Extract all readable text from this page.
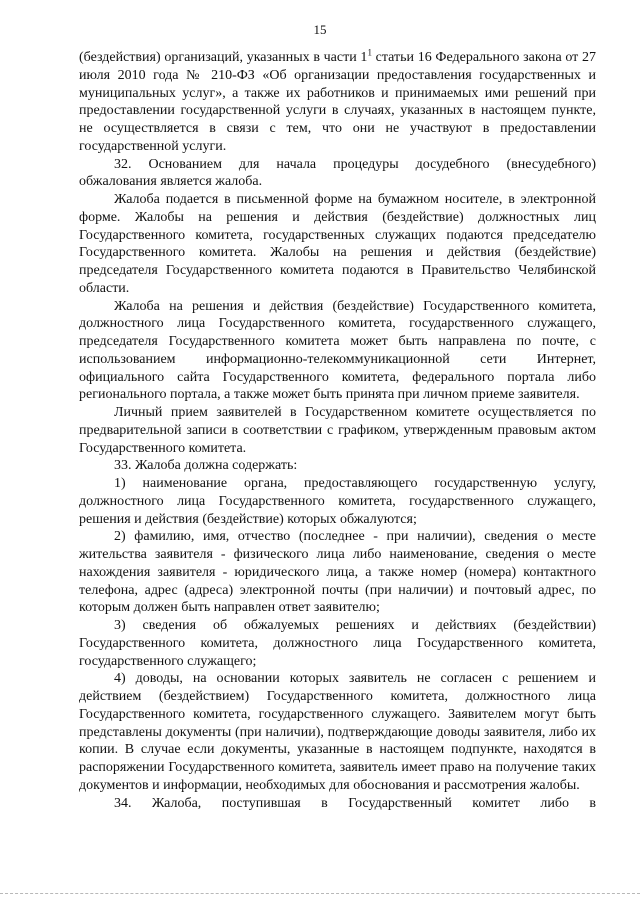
15

(бездействия) организаций, указанных в части $1^1$ статьи 16 Федерального закона от 27 июля 2010 года № 210-ФЗ «Об организации предоставления государственных и муниципальных услуг», а также их работников и принимаемых ими решений при предоставлении государственной услуги в случаях, указанных в настоящем пункте, не осуществляется в связи с тем, что они не участвуют в предоставлении государственной услуги.

32. Основанием для начала процедуры досудебного (внесудебного) обжалования является жалоба.

Жалоба подается в письменной форме на бумажном носителе, в электронной форме. Жалобы на решения и действия (бездействие) должностных лиц Государственного комитета, государственных служащих подаются председателю Государственного комитета. Жалобы на решения и действия (бездействие) председателя Государственного комитета подаются в Правительство Челябинской области.

Жалоба на решения и действия (бездействие) Государственного комитета, должностного лица Государственного комитета, государственного служащего, председателя Государственного комитета может быть направлена по почте, с использованием информационно-телекоммуникационной сети Интернет, официального сайта Государственного комитета, федерального портала либо регионального портала, а также может быть принята при личном приеме заявителя.

Личный прием заявителей в Государственном комитете осуществляется по предварительной записи в соответствии с графиком, утвержденным правовым актом Государственного комитета.

33. Жалоба должна содержать:

1) наименование органа, предоставляющего государственную услугу, должностного лица Государственного комитета, государственного служащего, решения и действия (бездействие) которых обжалуются;

2) фамилию, имя, отчество (последнее - при наличии), сведения о месте жительства заявителя - физического лица либо наименование, сведения о месте нахождения заявителя - юридического лица, а также номер (номера) контактного телефона, адрес (адреса) электронной почты (при наличии) и почтовый адрес, по которым должен быть направлен ответ заявителю;

3) сведения об обжалуемых решениях и действиях (бездействии) Государственного комитета, должностного лица Государственного комитета, государственного служащего;

4) доводы, на основании которых заявитель не согласен с решением и действием (бездействием) Государственного комитета, должностного лица Государственного комитета, государственного служащего. Заявителем могут быть представлены документы (при наличии), подтверждающие доводы заявителя, либо их копии. В случае если документы, указанные в настоящем подпункте, находятся в распоряжении Государственного комитета, заявитель имеет право на получение таких документов и информации, необходимых для обоснования и рассмотрения жалобы.

34. Жалоба, поступившая в Государственный комитет либо в
